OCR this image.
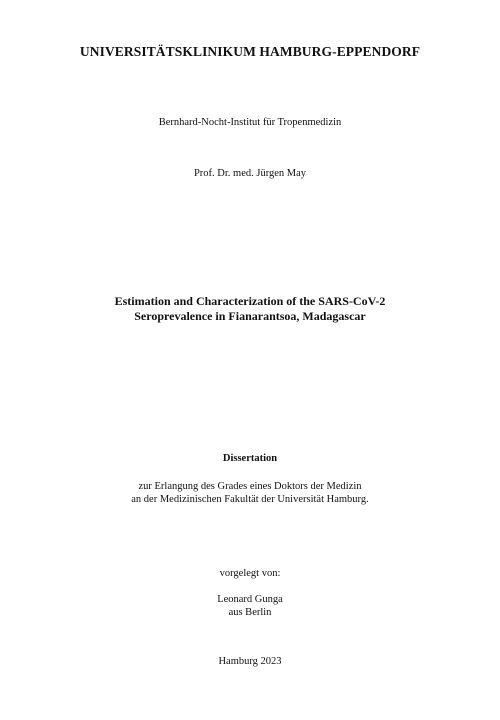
UNIVERSITÄTSKLINIKUM HAMBURG-EPPENDORF
Bernhard-Nocht-Institut für Tropenmedizin
Prof. Dr. med. Jürgen May
Estimation and Characterization of the SARS-CoV-2
Seroprevalence in Fianarantsoa, Madagascar
Dissertation
zur Erlangung des Grades eines Doktors der Medizin
an der Medizinischen Fakultät der Universität Hamburg.
vorgelegt von:
Leonard Gunga
aus Berlin
Hamburg 2023
